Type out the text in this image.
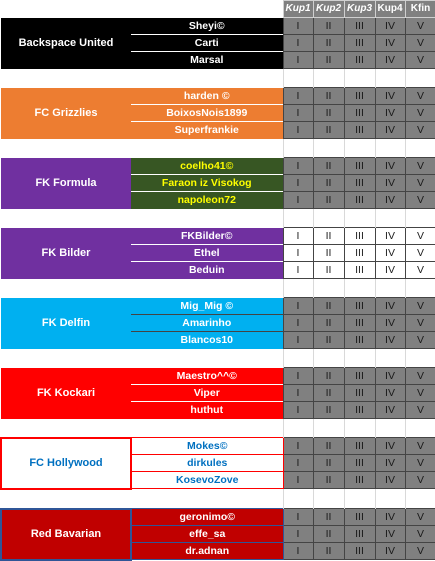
		Kup1	Kup2	Kup3	Kup4	Kfin
Backspace United	Sheyi©	I	II	III	IV	V
	Carti	I	II	III	IV	V
	Marsal	I	II	III	IV	V

FC Grizzlies	harden ©	I	II	III	IV	V
	BoixosNois1899	I	II	III	IV	V
	Superfrankie	I	II	III	IV	V

FK Formula	coelho41©	I	II	III	IV	V
	Faraon iz Visokog	I	II	III	IV	V
	napoleon72	I	II	III	IV	V

FK Bilder	FKBilder©	I	II	III	IV	V
	Ethel	I	II	III	IV	V
	Beduin	I	II	III	IV	V

FK Delfin	Mig_Mig ©	I	II	III	IV	V
	Amarinho	I	II	III	IV	V
	Blancos10	I	II	III	IV	V

FK Kockari	Maestro^^©	I	II	III	IV	V
	Viper	I	II	III	IV	V
	huthut	I	II	III	IV	V

FC Hollywood	Mokes©	I	II	III	IV	V
	dirkules	I	II	III	IV	V
	KosevoZove	I	II	III	IV	V

Red Bavarian	geronimo©	I	II	III	IV	V
	effe_sa	I	II	III	IV	V
	dr.adnan	I	II	III	IV	V
